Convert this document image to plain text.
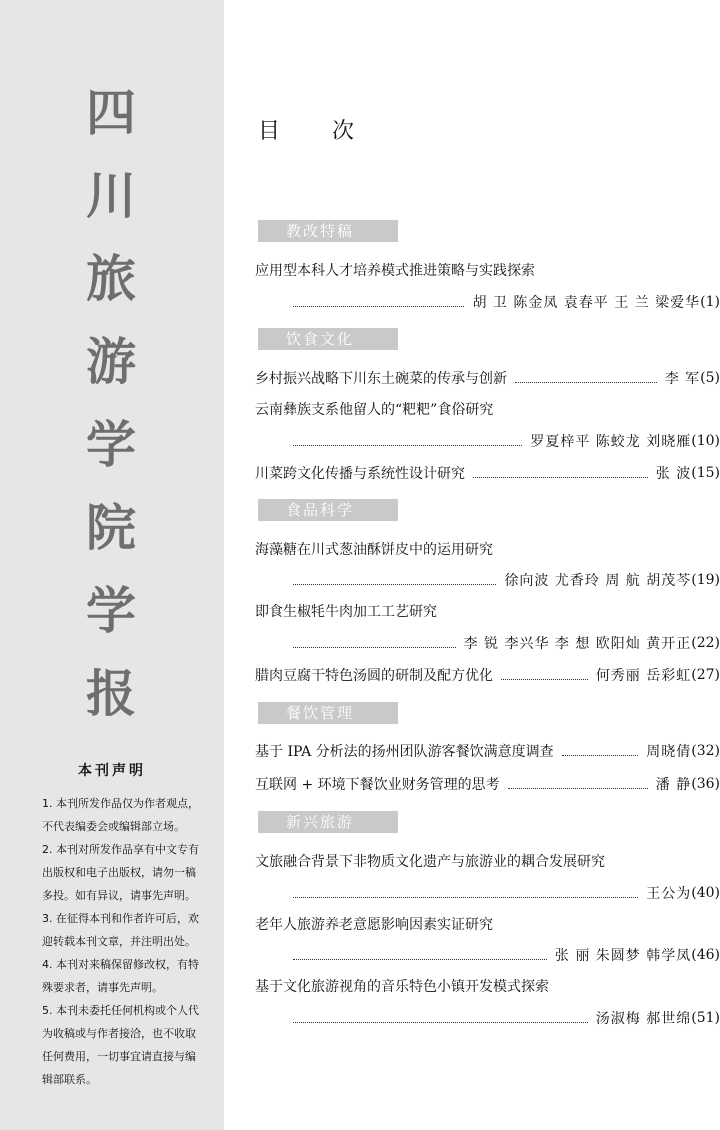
四
川
旅
游
学
院
学
报
本刊声明
1. 本刊所发作品仅为作者观点，
不代表编委会或编辑部立场。
2. 本刊对所发作品享有中文专有
出版权和电子出版权，请勿一稿
多投。如有异议，请事先声明。
3. 在征得本刊和作者许可后，欢
迎转载本刊文章，并注明出处。
4. 本刊对来稿保留修改权，有特
殊要求者，请事先声明。
5. 本刊未委托任何机构或个人代
为收稿或与作者接洽，也不收取
任何费用，一切事宜请直接与编
辑部联系。
目次
教改特稿
应用型本科人才培养模式推进策略与实践探索
胡 卫 陈金凤 袁春平 王 兰 梁爱华 (1)
饮食文化
乡村振兴战略下川东土碗菜的传承与创新	李 军 (5)
云南彝族支系他留人的“粑粑”食俗研究
罗夏梓平 陈蛟龙 刘晓雁 (10)
川菜跨文化传播与系统性设计研究	张 波 (15)
食品科学
海藻糖在川式葱油酥饼皮中的运用研究
徐向波 尤香玲 周 航 胡茂芩 (19)
即食生椒牦牛肉加工工艺研究
李 锐 李兴华 李 想 欧阳灿 黄开正 (22)
腊肉豆腐干特色汤圆的研制及配方优化	何秀丽 岳彩虹 (27)
餐饮管理
基于 IPA 分析法的扬州团队游客餐饮满意度调查	周晓倩 (32)
互联网 + 环境下餐饮业财务管理的思考	潘 静 (36)
新兴旅游
文旅融合背景下非物质文化遗产与旅游业的耦合发展研究
王公为 (40)
老年人旅游养老意愿影响因素实证研究
张 丽 朱圆梦 韩学凤 (46)
基于文化旅游视角的音乐特色小镇开发模式探索
汤淑梅 郝世绵 (51)
